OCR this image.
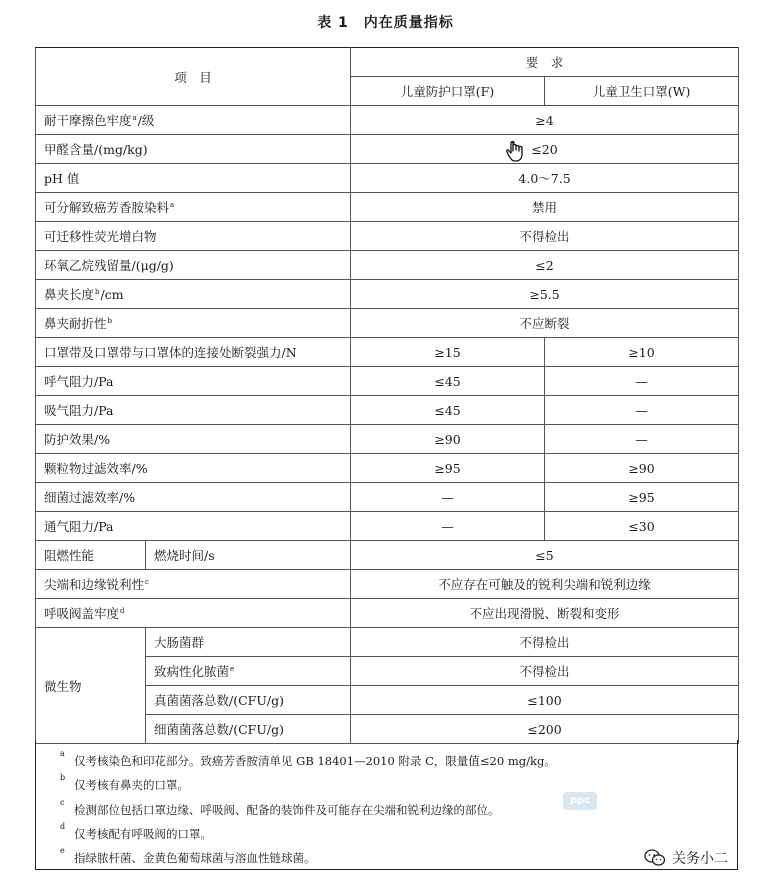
表 1　内在质量指标
项　目		要　求	
		儿童防护口罩(F)	儿童卫生口罩(W)
耐干摩擦色牢度$^a$/级		≥4	
甲醛含量/(mg/kg)		≤20	
pH 值		4.0～7.5	
可分解致癌芳香胺染料$^a$		禁用	
可迁移性荧光增白物		不得检出	
环氧乙烷残留量/(μg/g)		≤2	
鼻夹长度$^b$/cm		≥5.5	
鼻夹耐折性$^b$		不应断裂	
口罩带及口罩带与口罩体的连接处断裂强力/N		≥15	≥10
呼气阻力/Pa		≤45	—
吸气阻力/Pa		≤45	—
防护效果/%		≥90	—
颗粒物过滤效率/%		≥95	≥90
细菌过滤效率/%		—	≥95
通气阻力/Pa		—	≤30
阻燃性能	燃烧时间/s	≤5	
尖端和边缘锐利性$^c$		不应存在可触及的锐利尖端和锐利边缘	
呼吸阀盖牢度$^d$		不应出现滑脱、断裂和变形	
微生物	大肠菌群	不得检出	
	致病性化脓菌$^e$	不得检出	
	真菌菌落总数/(CFU/g)	≤100	
	细菌菌落总数/(CFU/g)	≤200	
a
仅考核染色和印花部分。致癌芳香胺清单见 GB 18401—2010 附录 C，限量值≤20 mg/kg。
b
仅考核有鼻夹的口罩。
c
检测部位包括口罩边缘、呼吸阀、配备的装饰件及可能存在尖端和锐利边缘的部位。
d
仅考核配有呼吸阀的口罩。
e
指绿脓杆菌、金黄色葡萄球菌与溶血性链球菌。
ppc
关务小二
